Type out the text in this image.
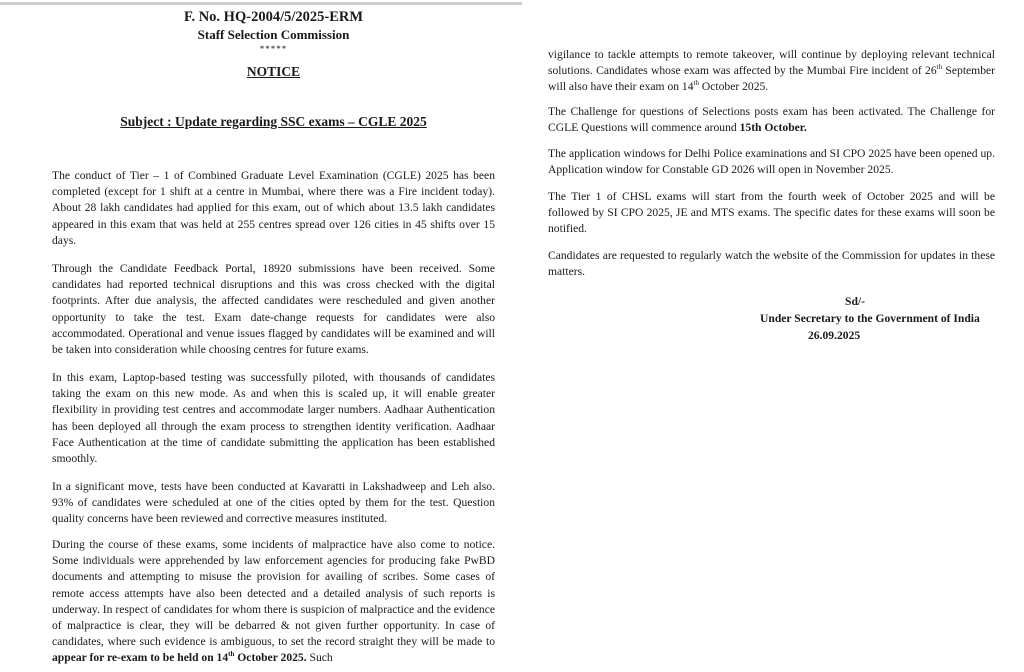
F. No. HQ-2004/5/2025-ERM
Staff Selection Commission
*****
NOTICE
Subject : Update regarding SSC exams – CGLE 2025

The conduct of Tier – 1 of Combined Graduate Level Examination (CGLE) 2025 has been completed (except for 1 shift at a centre in Mumbai, where there was a Fire incident today). About 28 lakh candidates had applied for this exam, out of which about 13.5 lakh candidates appeared in this exam that was held at 255 centres spread over 126 cities in 45 shifts over 15 days.

Through the Candidate Feedback Portal, 18920 submissions have been received. Some candidates had reported technical disruptions and this was cross checked with the digital footprints. After due analysis, the affected candidates were rescheduled and given another opportunity to take the test. Exam date-change requests for candidates were also accommodated. Operational and venue issues flagged by candidates will be examined and will be taken into consideration while choosing centres for future exams.

In this exam, Laptop-based testing was successfully piloted, with thousands of candidates taking the exam on this new mode. As and when this is scaled up, it will enable greater flexibility in providing test centres and accommodate larger numbers. Aadhaar Authentication has been deployed all through the exam process to strengthen identity verification. Aadhaar Face Authentication at the time of candidate submitting the application has been established smoothly.

In a significant move, tests have been conducted at Kavaratti in Lakshadweep and Leh also. 93% of candidates were scheduled at one of the cities opted by them for the test. Question quality concerns have been reviewed and corrective measures instituted.

During the course of these exams, some incidents of malpractice have also come to notice. Some individuals were apprehended by law enforcement agencies for producing fake PwBD documents and attempting to misuse the provision for availing of scribes. Some cases of remote access attempts have also been detected and a detailed analysis of such reports is underway. In respect of candidates for whom there is suspicion of malpractice and the evidence of malpractice is clear, they will be debarred & not given further opportunity. In case of candidates, where such evidence is ambiguous, to set the record straight they will be made to appear for re-exam to be held on 14th October 2025. Such

vigilance to tackle attempts to remote takeover, will continue by deploying relevant technical solutions. Candidates whose exam was affected by the Mumbai Fire incident of 26th September will also have their exam on 14th October 2025.

The Challenge for questions of Selections posts exam has been activated. The Challenge for CGLE Questions will commence around 15th October.

The application windows for Delhi Police examinations and SI CPO 2025 have been opened up. Application window for Constable GD 2026 will open in November 2025.

The Tier 1 of CHSL exams will start from the fourth week of October 2025 and will be followed by SI CPO 2025, JE and MTS exams. The specific dates for these exams will soon be notified.

Candidates are requested to regularly watch the website of the Commission for updates in these matters.

Sd/-
Under Secretary to the Government of India
26.09.2025
